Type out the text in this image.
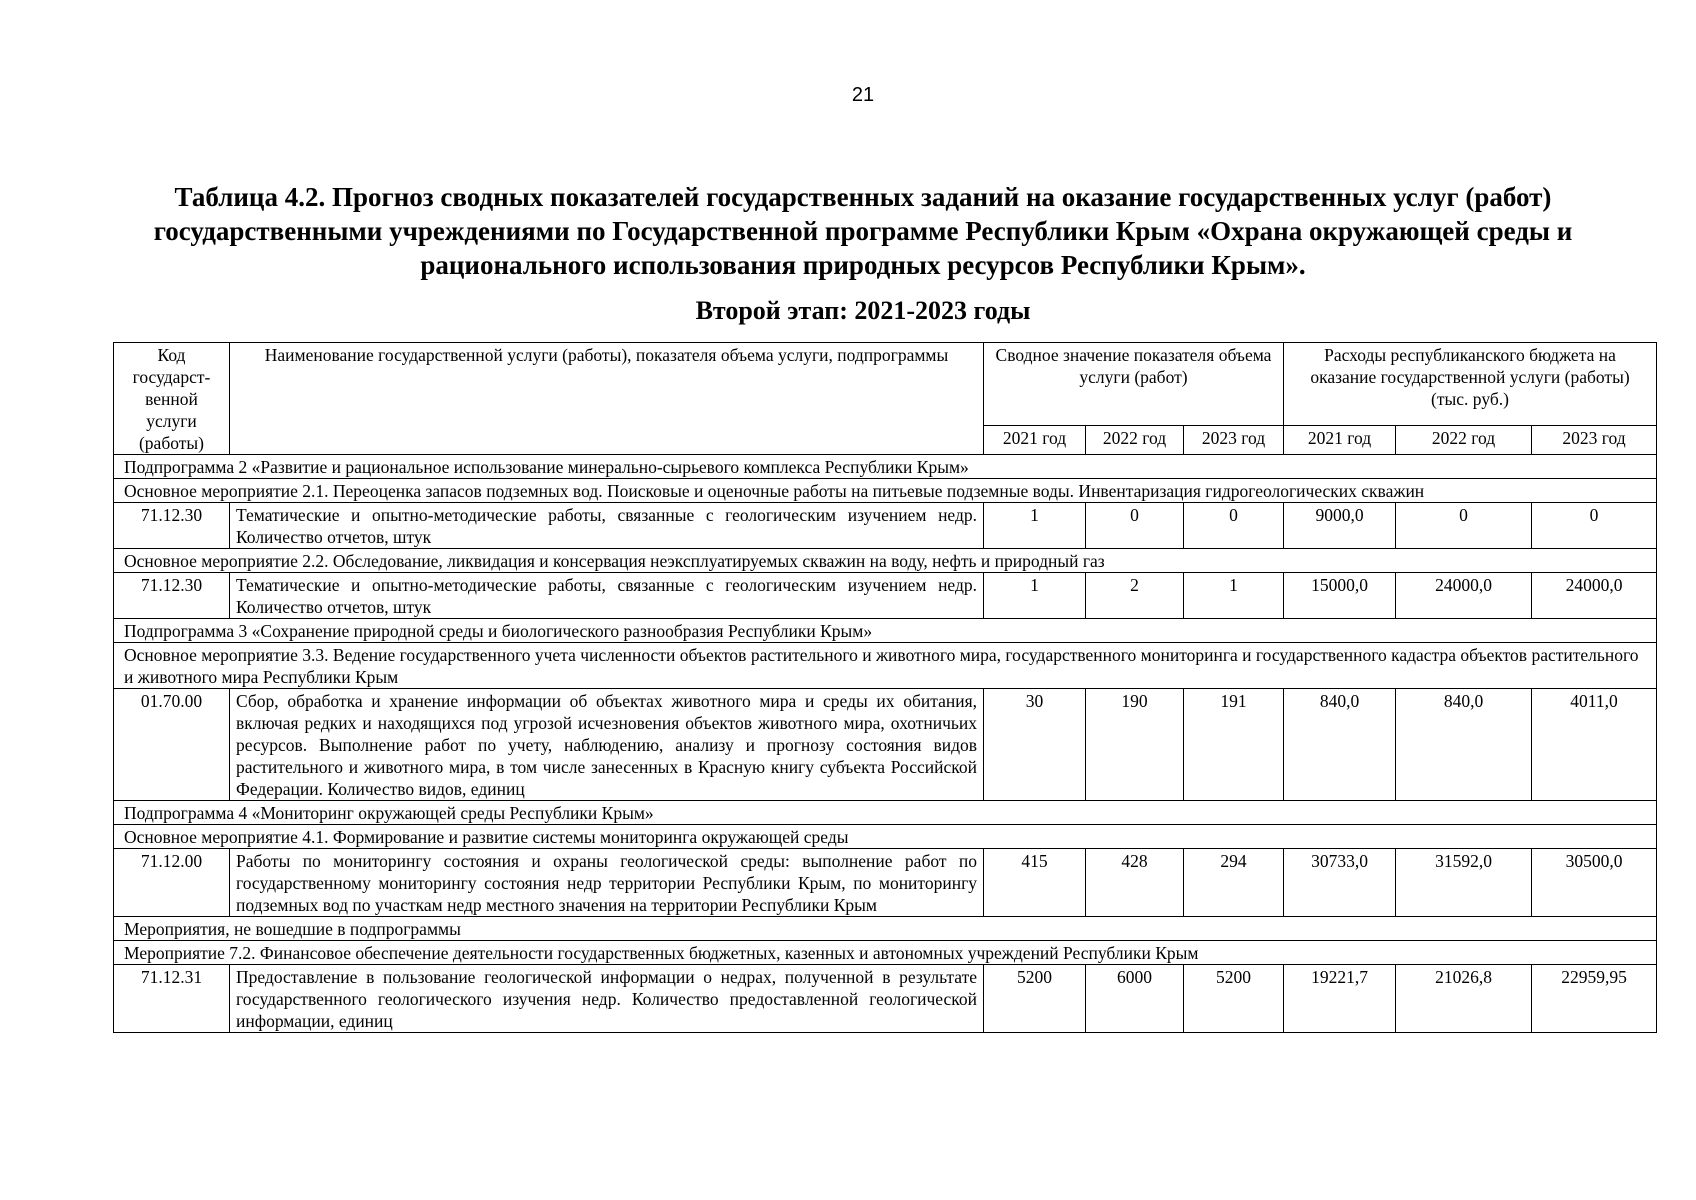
21
Таблица 4.2. Прогноз сводных показателей государственных заданий на оказание государственных услуг (работ) государственными учреждениями по Государственной программе Республики Крым «Охрана окружающей среды и рационального использования природных ресурсов Республики Крым».
Второй этап: 2021-2023 годы
Код государст-венной услуги (работы)	Наименование государственной услуги (работы), показателя объема услуги, подпрограммы	Сводное значение показателя объема услуги (работ)			Расходы республиканского бюджета на оказание государственной услуги (работы) (тыс. руб.)		
		2021 год	2022 год	2023 год	2021 год	2022 год	2023 год
Подпрограмма 2 «Развитие и рациональное использование минерально-сырьевого комплекса Республики Крым»							
Основное мероприятие 2.1. Переоценка запасов подземных вод. Поисковые и оценочные работы на питьевые подземные воды. Инвентаризация гидрогеологических скважин							
71.12.30	Тематические и опытно-методические работы, связанные с геологическим изучением недр. Количество отчетов, штук	1	0	0	9000,0	0	0
Основное мероприятие 2.2. Обследование, ликвидация и консервация неэксплуатируемых скважин на воду, нефть и природный газ							
71.12.30	Тематические и опытно-методические работы, связанные с геологическим изучением недр. Количество отчетов, штук	1	2	1	15000,0	24000,0	24000,0
Подпрограмма 3 «Сохранение природной среды и биологического разнообразия Республики Крым»							
Основное мероприятие 3.3. Ведение государственного учета численности объектов растительного и животного мира, государственного мониторинга и государственного кадастра объектов растительного и животного мира Республики Крым							
01.70.00	Сбор, обработка и хранение информации об объектах животного мира и среды их обитания, включая редких и находящихся под угрозой исчезновения объектов животного мира, охотничьих ресурсов. Выполнение работ по учету, наблюдению, анализу и прогнозу состояния видов растительного и животного мира, в том числе занесенных в Красную книгу субъекта Российской Федерации. Количество видов, единиц	30	190	191	840,0	840,0	4011,0
Подпрограмма 4 «Мониторинг окружающей среды Республики Крым»							
Основное мероприятие 4.1. Формирование и развитие системы мониторинга окружающей среды							
71.12.00	Работы по мониторингу состояния и охраны геологической среды: выполнение работ по государственному мониторингу состояния недр территории Республики Крым, по мониторингу подземных вод по участкам недр местного значения на территории Республики Крым	415	428	294	30733,0	31592,0	30500,0
Мероприятия, не вошедшие в подпрограммы							
Мероприятие 7.2. Финансовое обеспечение деятельности государственных бюджетных, казенных и автономных учреждений Республики Крым							
71.12.31	Предоставление в пользование геологической информации о недрах, полученной в результате государственного геологического изучения недр. Количество предоставленной геологической информации, единиц	5200	6000	5200	19221,7	21026,8	22959,95
